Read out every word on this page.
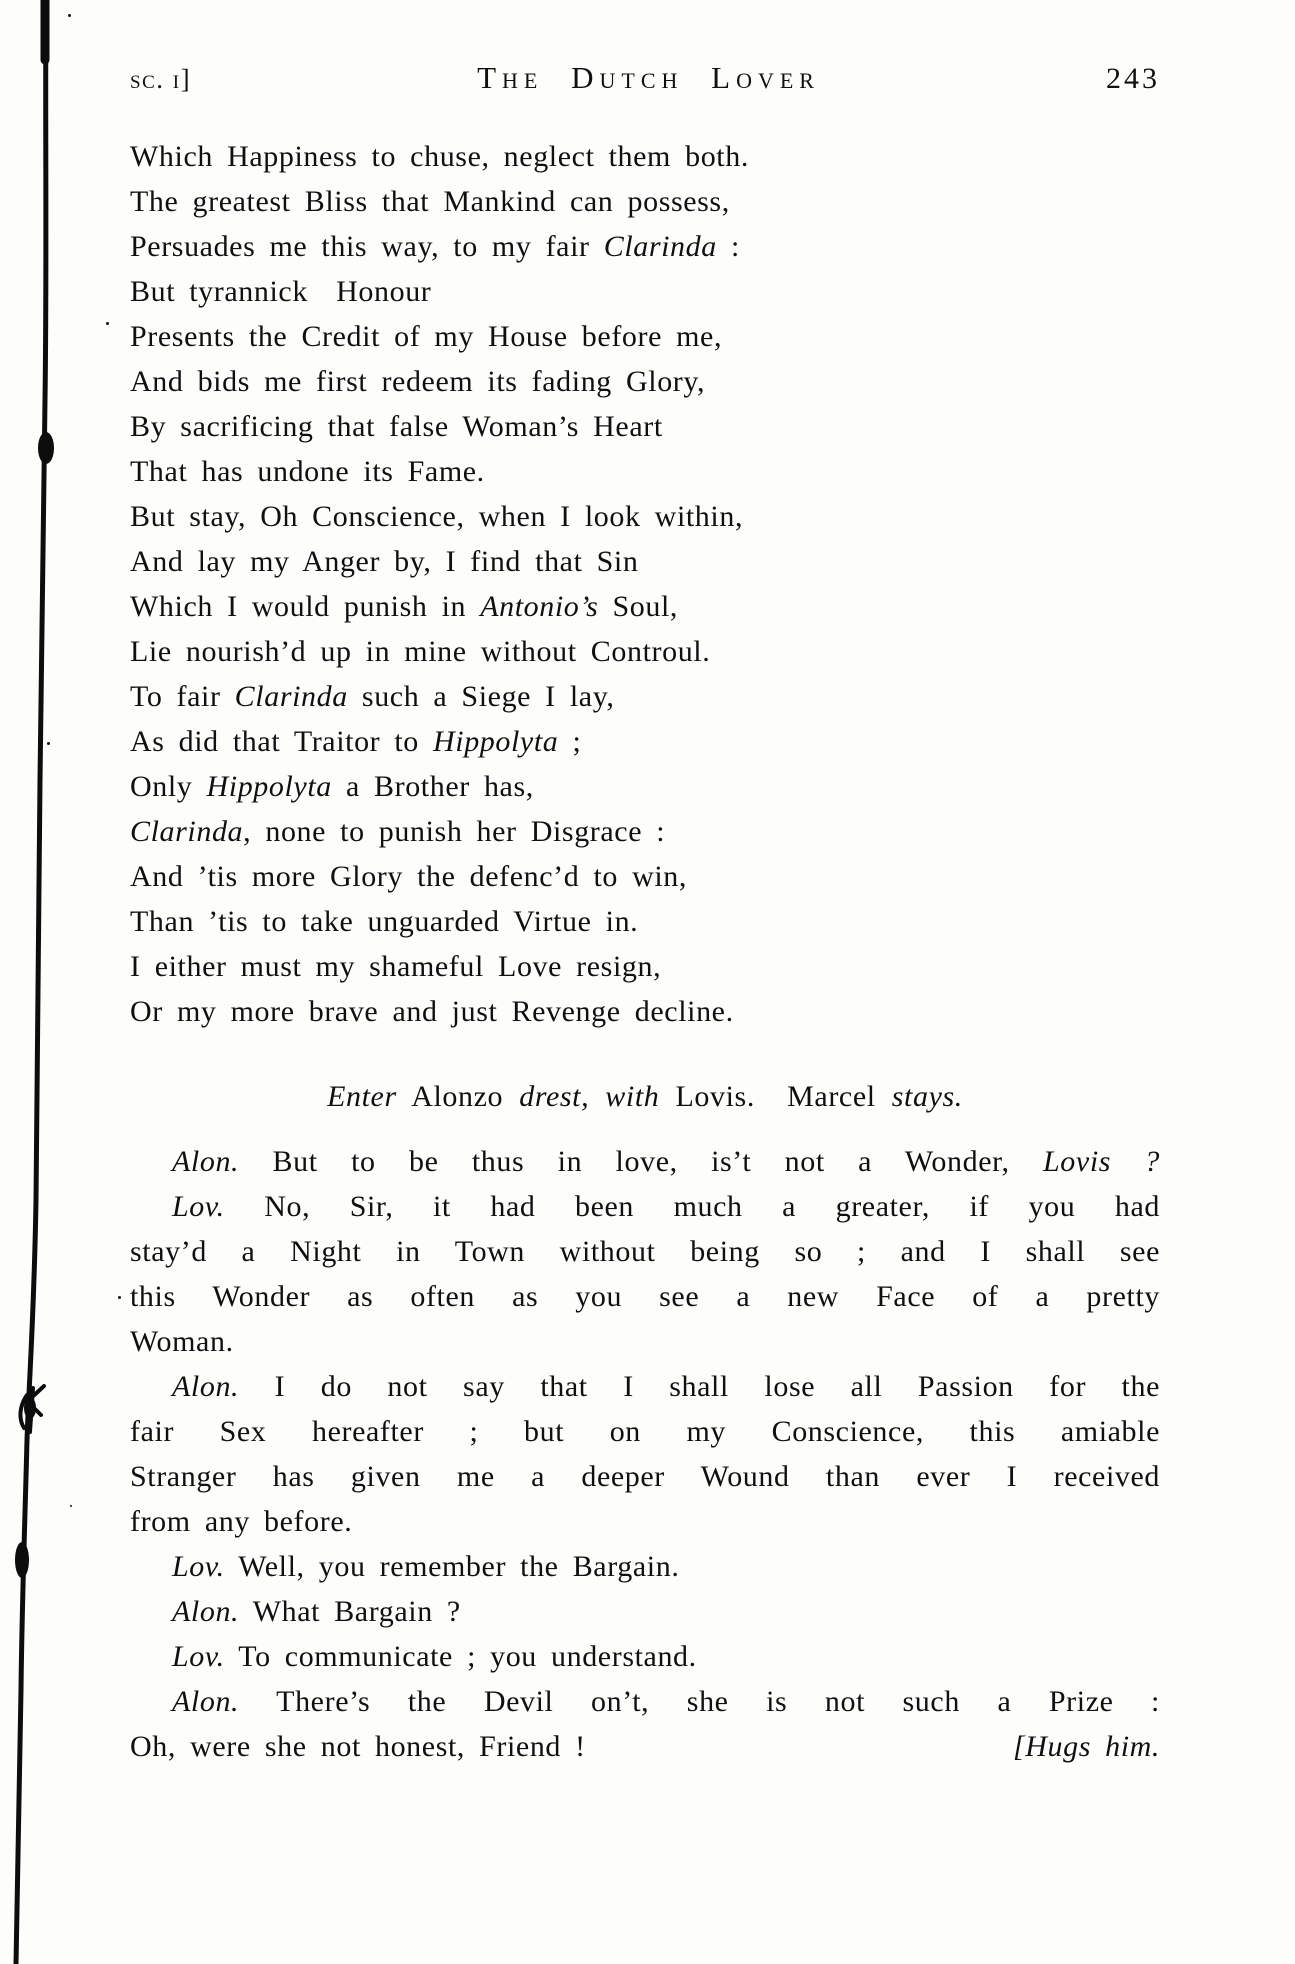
sc. i]	The Dutch Lover	243
Which Happiness to chuse, neglect them both.
The greatest Bliss that Mankind can possess,
Persuades me this way, to my fair Clarinda :
But tyrannick  Honour
Presents the Credit of my House before me,
And bids me first redeem its fading Glory,
By sacrificing that false Woman’s Heart
That has undone its Fame.
But stay, Oh Conscience, when I look within,
And lay my Anger by, I find that Sin
Which I would punish in Antonio’s Soul,
Lie nourish’d up in mine without Controul.
To fair Clarinda such a Siege I lay,
As did that Traitor to Hippolyta ;
Only Hippolyta a Brother has,
Clarinda, none to punish her Disgrace :
And ’tis more Glory the defenc’d to win,
Than ’tis to take unguarded Virtue in.
I either must my shameful Love resign,
Or my more brave and just Revenge decline.
Enter Alonzo drest, with Lovis.  Marcel stays.
Alon. But to be thus in love, is’t not a Wonder, Lovis ?
Lov. No, Sir, it had been much a greater, if you had
stay’d a Night in Town without being so ; and I shall see
this Wonder as often as you see a new Face of a pretty
Woman.
Alon. I do not say that I shall lose all Passion for the
fair Sex hereafter ; but on my Conscience, this amiable
Stranger has given me a deeper Wound than ever I received
from any before.
Lov. Well, you remember the Bargain.
Alon. What Bargain ?
Lov. To communicate ; you understand.
Alon. There’s the Devil on’t, she is not such a Prize :
Oh, were she not honest, Friend !	[Hugs him.
